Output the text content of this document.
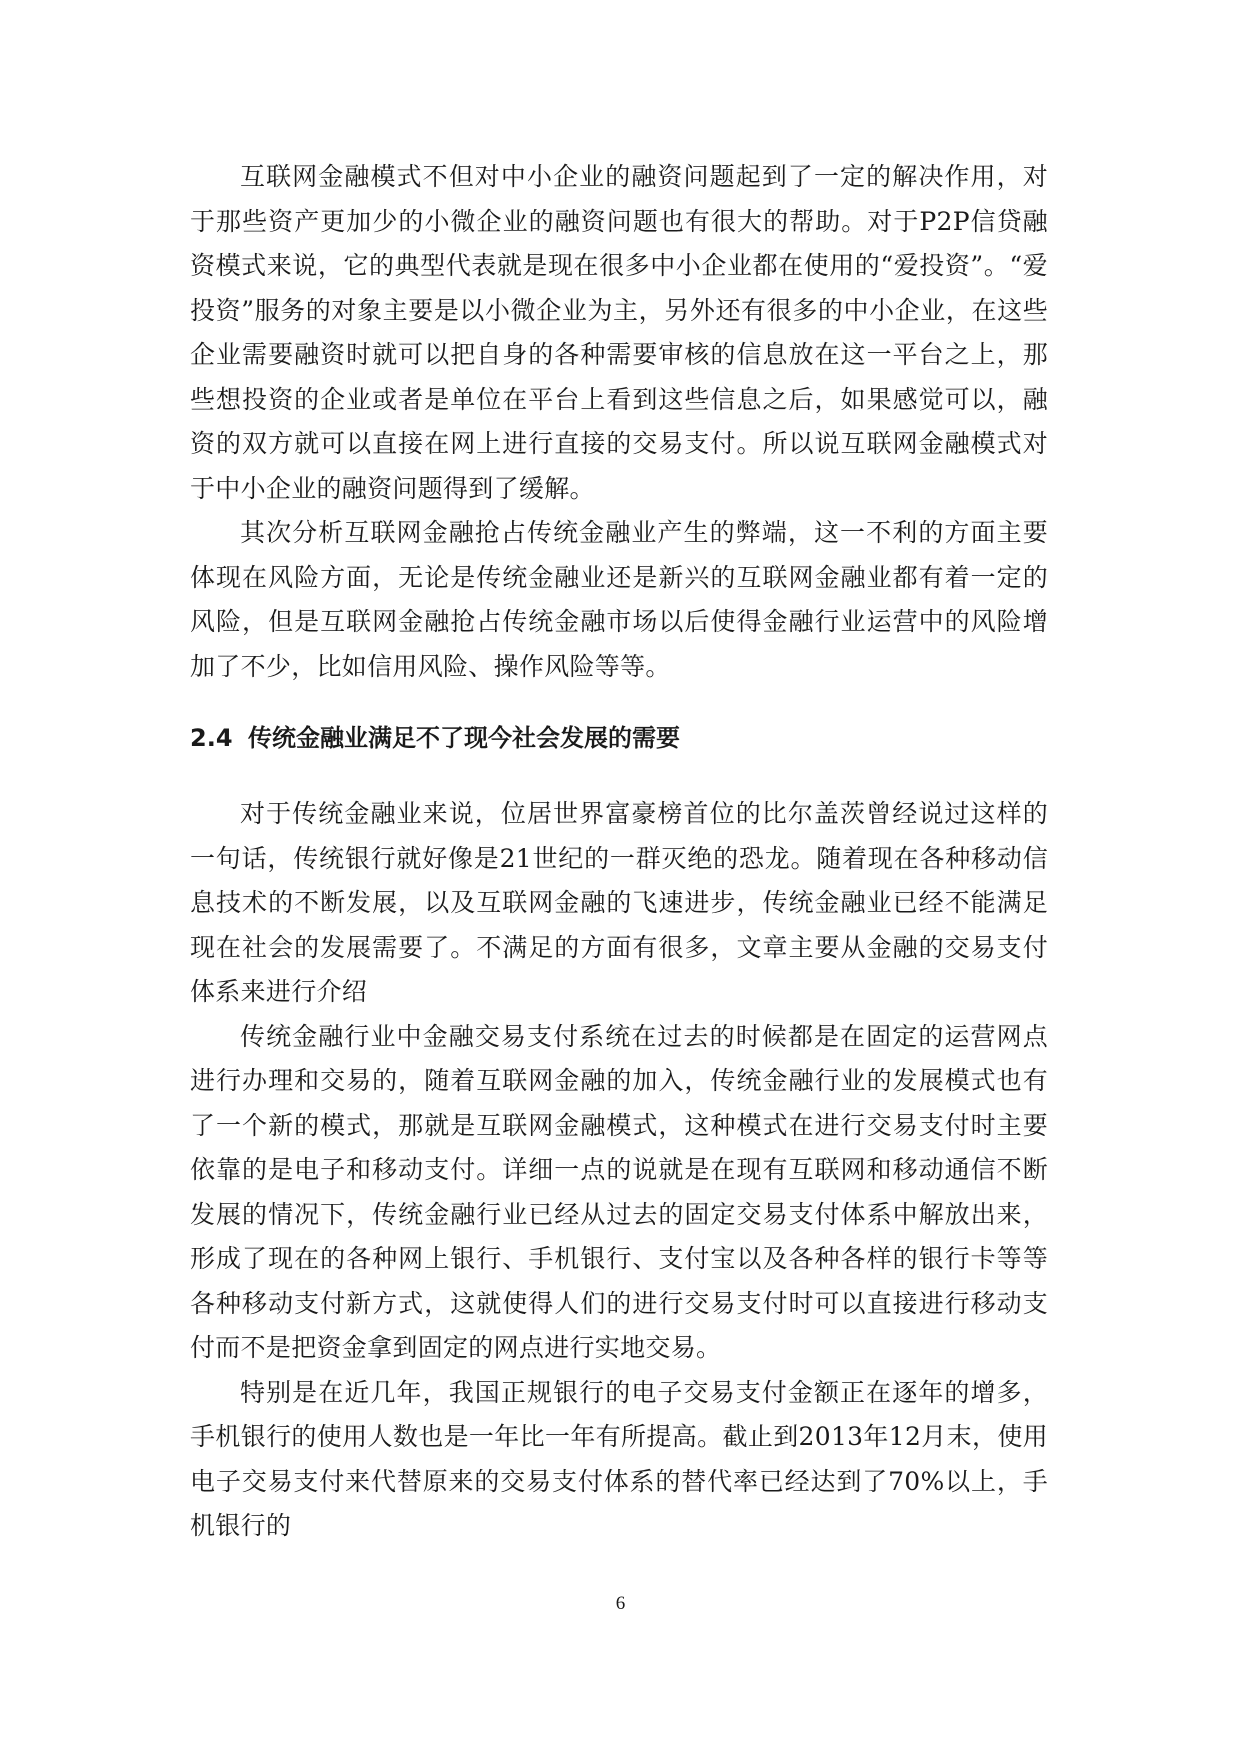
互联网金融模式不但对中小企业的融资问题起到了一定的解决作用，对于那些资产更加少的小微企业的融资问题也有很大的帮助。对于P2P信贷融资模式来说，它的典型代表就是现在很多中小企业都在使用的“爱投资”。“爱投资”服务的对象主要是以小微企业为主，另外还有很多的中小企业，在这些企业需要融资时就可以把自身的各种需要审核的信息放在这一平台之上，那些想投资的企业或者是单位在平台上看到这些信息之后，如果感觉可以，融资的双方就可以直接在网上进行直接的交易支付。所以说互联网金融模式对于中小企业的融资问题得到了缓解。

其次分析互联网金融抢占传统金融业产生的弊端，这一不利的方面主要体现在风险方面，无论是传统金融业还是新兴的互联网金融业都有着一定的风险，但是互联网金融抢占传统金融市场以后使得金融行业运营中的风险增加了不少，比如信用风险、操作风险等等。

2.4 传统金融业满足不了现今社会发展的需要

对于传统金融业来说，位居世界富豪榜首位的比尔盖茨曾经说过这样的一句话，传统银行就好像是21世纪的一群灭绝的恐龙。随着现在各种移动信息技术的不断发展，以及互联网金融的飞速进步，传统金融业已经不能满足现在社会的发展需要了。不满足的方面有很多，文章主要从金融的交易支付体系来进行介绍

传统金融行业中金融交易支付系统在过去的时候都是在固定的运营网点进行办理和交易的，随着互联网金融的加入，传统金融行业的发展模式也有了一个新的模式，那就是互联网金融模式，这种模式在进行交易支付时主要依靠的是电子和移动支付。详细一点的说就是在现有互联网和移动通信不断发展的情况下，传统金融行业已经从过去的固定交易支付体系中解放出来，形成了现在的各种网上银行、手机银行、支付宝以及各种各样的银行卡等等各种移动支付新方式，这就使得人们的进行交易支付时可以直接进行移动支付而不是把资金拿到固定的网点进行实地交易。

特别是在近几年，我国正规银行的电子交易支付金额正在逐年的增多，手机银行的使用人数也是一年比一年有所提高。截止到2013年12月末，使用电子交易支付来代替原来的交易支付体系的替代率已经达到了70%以上，手机银行的

6
